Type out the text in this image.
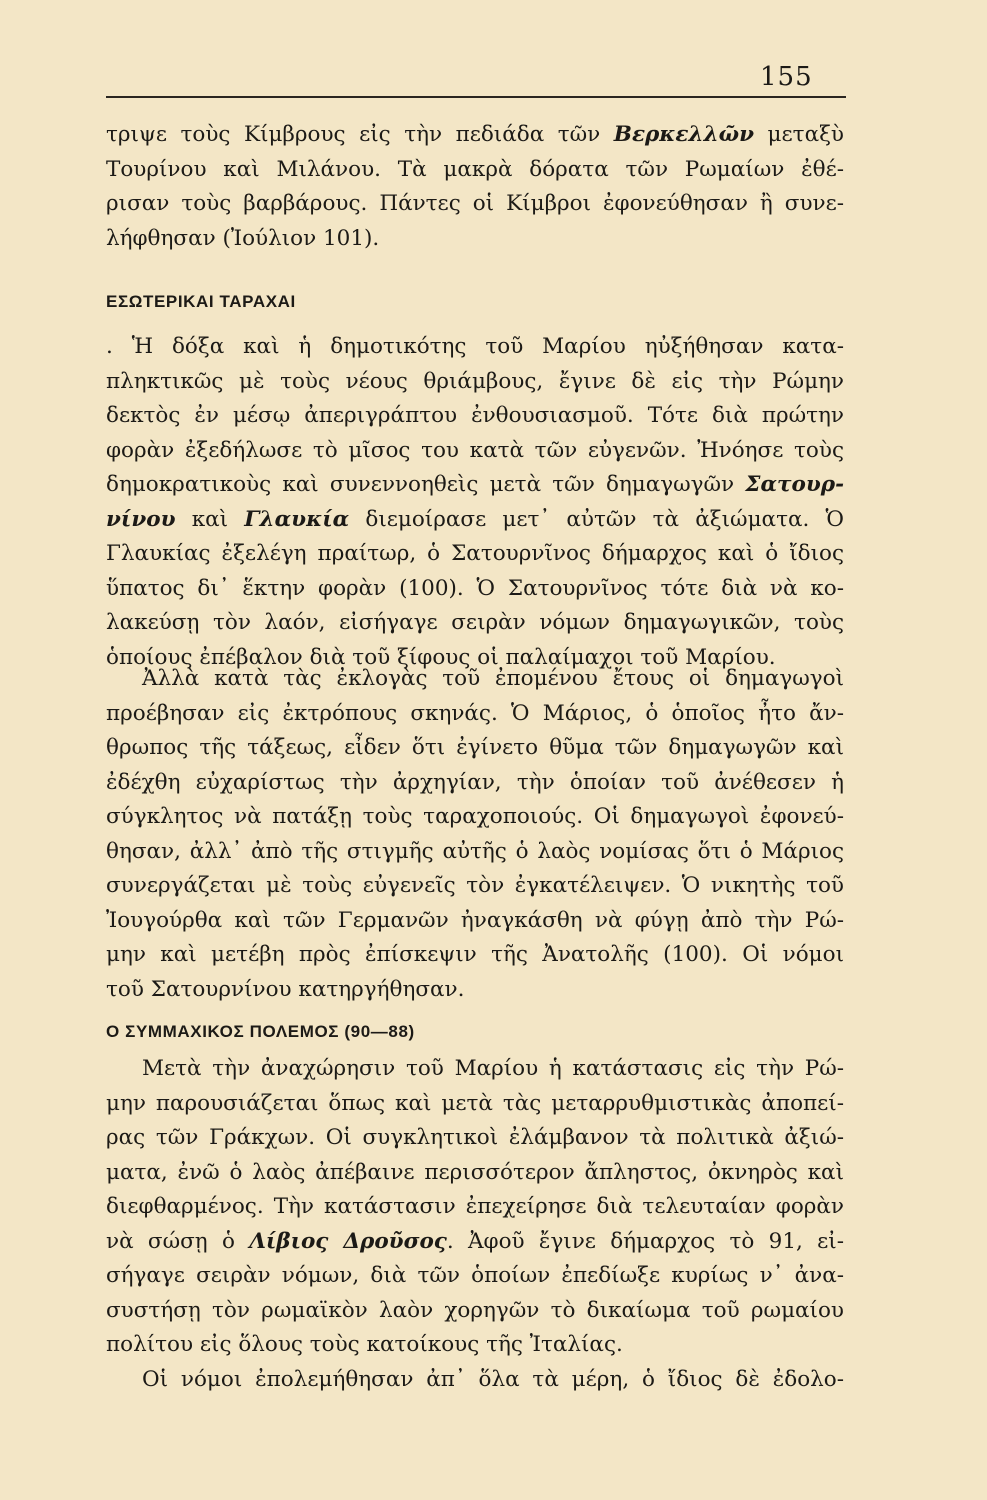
155
τριψε τοὺς Κίμβρους εἰς τὴν πεδιάδα τῶν Βερκελλῶν μεταξὺ
Τουρίνου καὶ Μιλάνου. Τὰ μακρὰ δόρατα τῶν Ρωμαίων ἐθέ-
ρισαν τοὺς βαρβάρους. Πάντες οἱ Κίμβροι ἐφονεύθησαν ἢ συνε-
λήφθησαν (Ἰούλιον 101).
ΕΣΩΤΕΡΙΚΑΙ ΤΑΡΑΧΑΙ
. Ἡ δόξα καὶ ἡ δημοτικότης τοῦ Μαρίου ηὐξήθησαν κατα-
πληκτικῶς μὲ τοὺς νέους θριάμβους, ἔγινε δὲ εἰς τὴν Ρώμην
δεκτὸς ἐν μέσῳ ἀπεριγράπτου ἐνθουσιασμοῦ. Τότε διὰ πρώτην
φορὰν ἐξεδήλωσε τὸ μῖσος του κατὰ τῶν εὐγενῶν. Ἠνόησε τοὺς
δημοκρατικοὺς καὶ συνεννοηθεὶς μετὰ τῶν δημαγωγῶν Σατουρ-
νίνου καὶ Γλαυκία διεμοίρασε μετ᾽ αὐτῶν τὰ ἀξιώματα. Ὁ
Γλαυκίας ἐξελέγη πραίτωρ, ὁ Σατουρνῖνος δήμαρχος καὶ ὁ ἴδιος
ὕπατος δι᾽ ἕκτην φορὰν (100). Ὁ Σατουρνῖνος τότε διὰ νὰ κο-
λακεύσῃ τὸν λαόν, εἰσήγαγε σειρὰν νόμων δημαγωγικῶν, τοὺς
ὁποίους ἐπέβαλον διὰ τοῦ ξίφους οἱ παλαίμαχοι τοῦ Μαρίου.
Ἀλλὰ κατὰ τὰς ἐκλογὰς τοῦ ἐπομένου ἔτους οἱ δημαγωγοὶ
προέβησαν εἰς ἐκτρόπους σκηνάς. Ὁ Μάριος, ὁ ὁποῖος ἦτο ἄν-
θρωπος τῆς τάξεως, εἶδεν ὅτι ἐγίνετο θῦμα τῶν δημαγωγῶν καὶ
ἐδέχθη εὐχαρίστως τὴν ἀρχηγίαν, τὴν ὁποίαν τοῦ ἀνέθεσεν ἡ
σύγκλητος νὰ πατάξῃ τοὺς ταραχοποιούς. Οἱ δημαγωγοὶ ἐφονεύ-
θησαν, ἀλλ᾽ ἀπὸ τῆς στιγμῆς αὐτῆς ὁ λαὸς νομίσας ὅτι ὁ Μάριος
συνεργάζεται μὲ τοὺς εὐγενεῖς τὸν ἐγκατέλειψεν. Ὁ νικητὴς τοῦ
Ἰουγούρθα καὶ τῶν Γερμανῶν ἠναγκάσθη νὰ φύγῃ ἀπὸ τὴν Ρώ-
μην καὶ μετέβη πρὸς ἐπίσκεψιν τῆς Ἀνατολῆς (100). Οἱ νόμοι
τοῦ Σατουρνίνου κατηργήθησαν.
Ο ΣΥΜΜΑΧΙΚΟΣ ΠΟΛΕΜΟΣ (90—88)
Μετὰ τὴν ἀναχώρησιν τοῦ Μαρίου ἡ κατάστασις εἰς τὴν Ρώ-
μην παρουσιάζεται ὅπως καὶ μετὰ τὰς μεταρρυθμιστικὰς ἀποπεί-
ρας τῶν Γράκχων. Οἱ συγκλητικοὶ ἐλάμβανον τὰ πολιτικὰ ἀξιώ-
ματα, ἐνῶ ὁ λαὸς ἀπέβαινε περισσότερον ἄπληστος, ὀκνηρὸς καὶ
διεφθαρμένος. Τὴν κατάστασιν ἐπεχείρησε διὰ τελευταίαν φορὰν
νὰ σώσῃ ὁ Λίβιος Δροῦσος. Ἀφοῦ ἔγινε δήμαρχος τὸ 91, εἰ-
σήγαγε σειρὰν νόμων, διὰ τῶν ὁποίων ἐπεδίωξε κυρίως ν᾽ ἀνα-
συστήσῃ τὸν ρωμαϊκὸν λαὸν χορηγῶν τὸ δικαίωμα τοῦ ρωμαίου
πολίτου εἰς ὅλους τοὺς κατοίκους τῆς Ἰταλίας.
Οἱ νόμοι ἐπολεμήθησαν ἀπ᾽ ὅλα τὰ μέρη, ὁ ἴδιος δὲ ἐδολο-
